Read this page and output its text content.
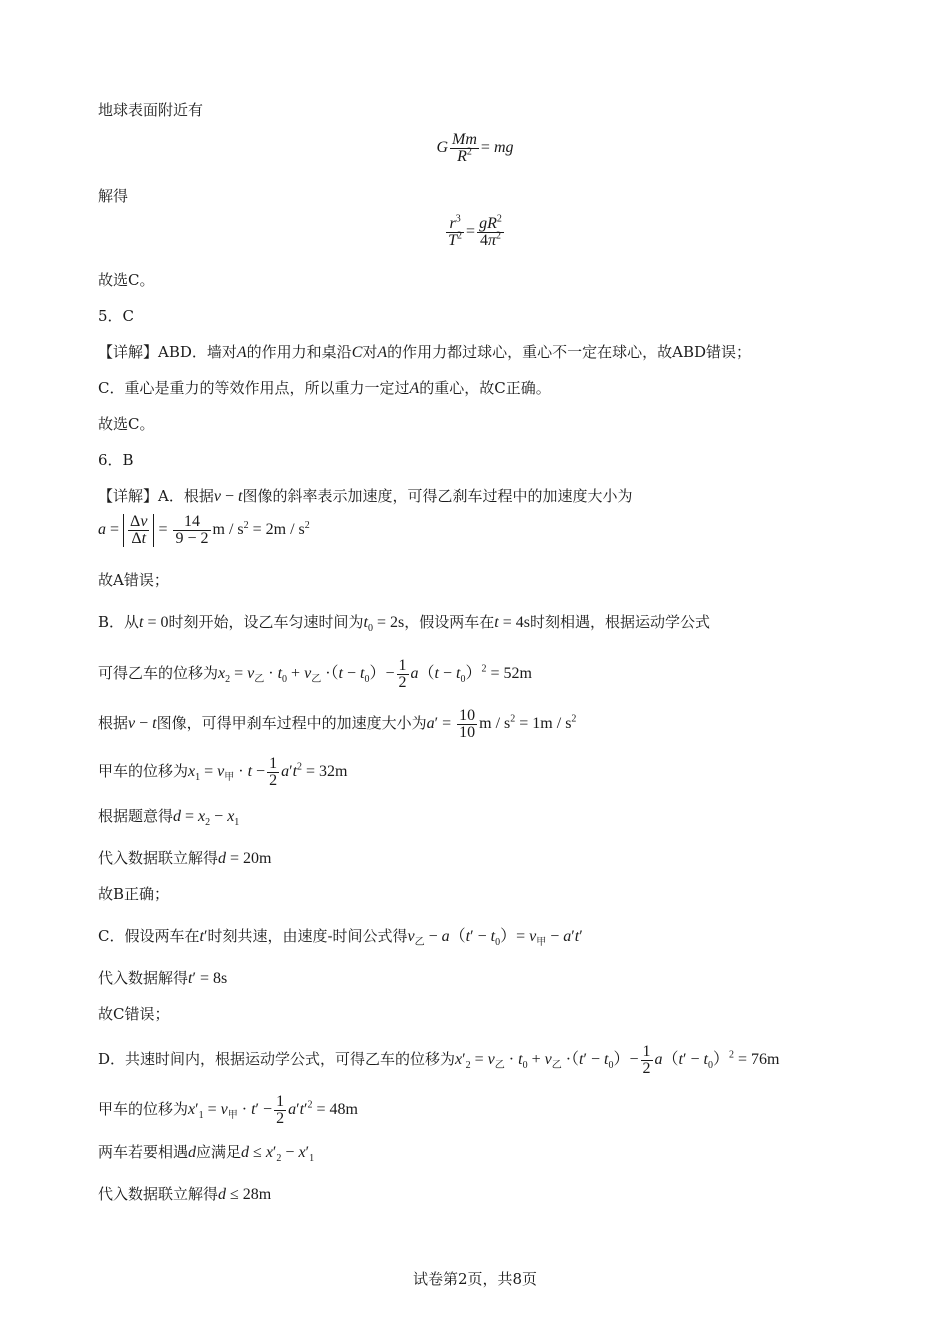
地球表面附近有
G $\frac{Mm}{R^2}$ = mg
解得
$\frac{r^3}{T^2} = \frac{gR^2}{4\pi^2}$
故选C。
5．C
【详解】ABD．墙对A的作用力和桌沿C对A的作用力都过球心，重心不一定在球心，故ABD错误；
C．重心是重力的等效作用点，所以重力一定过A的重心，故C正确。
故选C。
6．B
【详解】A．根据v − t图像的斜率表示加速度，可得乙刹车过程中的加速度大小为
$a = \frac{\Delta v}{\Delta t} = \frac{14}{9 - 2}$ $m / s^2 = 2m / s^2$
故A错误；
B．从t = 0时刻开始，设乙车匀速时间为$t_0 = 2s$，假设两车在t = 4s时刻相遇，根据运动学公式
可得乙车的位移为$x_2 = v_乙 \cdot t_0 + v_乙 \cdot(t - t_0)- \frac{1}{2} a(t - t_0)^2 = 52m$
根据v − t图像，可得甲刹车过程中的加速度大小为$a' = \frac{10}{10}$ $m / s^2 = 1m / s^2$
甲车的位移为$x_1 = v_甲 \cdot t - \frac{1}{2} a't^2 = 32m$
根据题意得$d = x_2 - x_1$
代入数据联立解得d = 20m
故B正确；
C．假设两车在t′时刻共速，由速度-时间公式得$v_乙 - a(t' - t_0)= v_甲 - a't'$
代入数据解得t′ = 8s
故C错误；
D．共速时间内，根据运动学公式，可得乙车的位移为$x'_2 = v_乙 \cdot t_0 + v_乙 \cdot(t' - t_0)- \frac{1}{2} a(t' - t_0)^2 = 76m$
甲车的位移为$x'_1 = v_甲 \cdot t' - \frac{1}{2} a't'^2 = 48m$
两车若要相遇d应满足$d \le x'_2 - x'_1$
代入数据联立解得d ≤ 28m
试卷第2页，共8页
